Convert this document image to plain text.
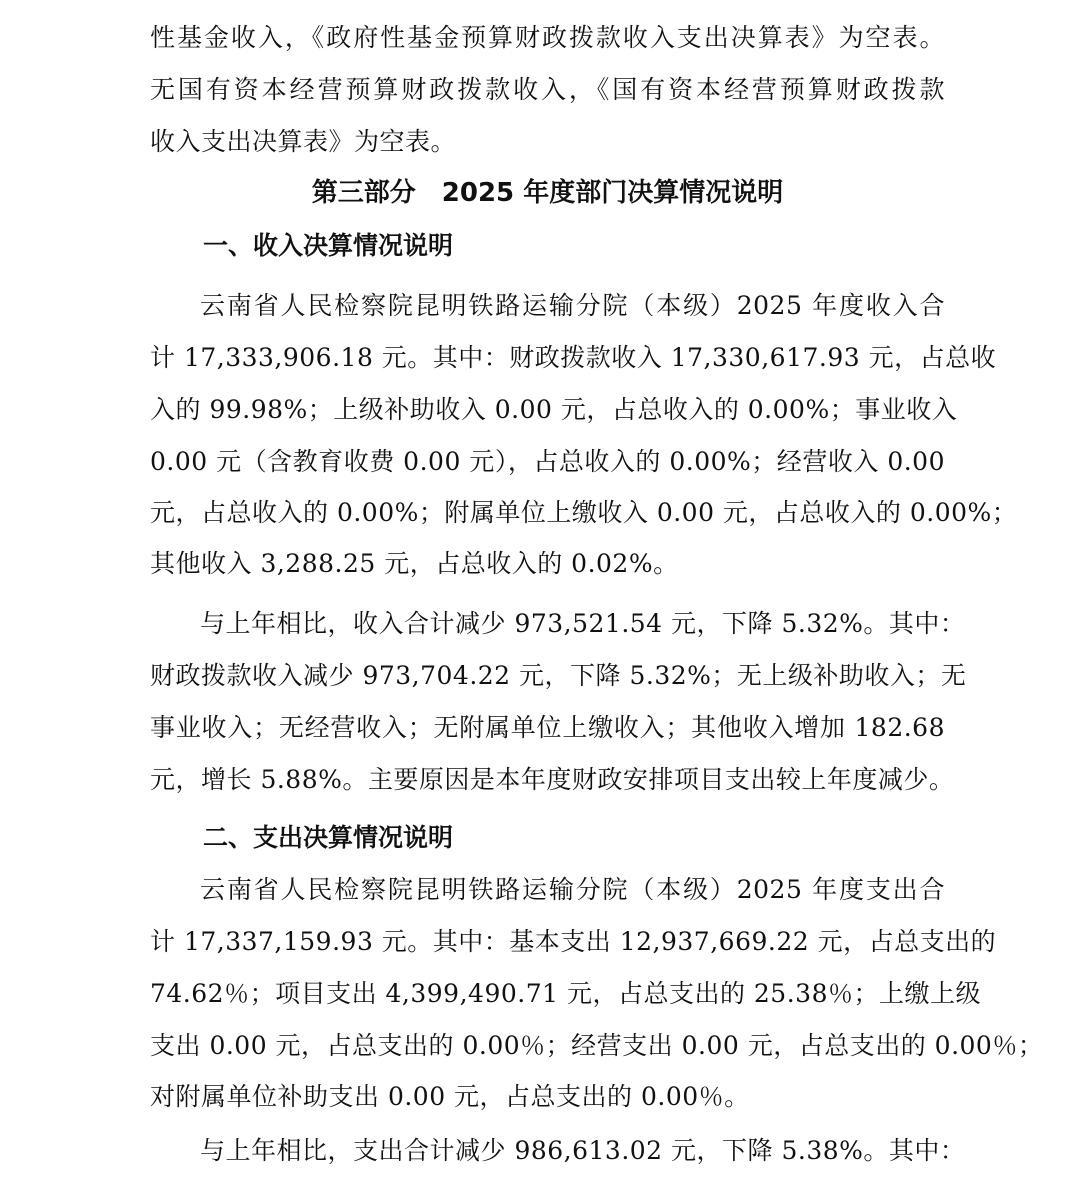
性基金收入，《政府性基金预算财政拨款收入支出决算表》为空表。
无国有资本经营预算财政拨款收入，《国有资本经营预算财政拨款
收入支出决算表》为空表。
第三部分　2025 年度部门决算情况说明
一、收入决算情况说明
云南省人民检察院昆明铁路运输分院（本级）2025 年度收入合
计 17,333,906.18 元。其中：财政拨款收入 17,330,617.93 元，占总收
入的 99.98%；上级补助收入 0.00 元，占总收入的 0.00%；事业收入
0.00 元（含教育收费 0.00 元），占总收入的 0.00%；经营收入 0.00
元，占总收入的 0.00%；附属单位上缴收入 0.00 元，占总收入的 0.00%；
其他收入 3,288.25 元，占总收入的 0.02%。
与上年相比，收入合计减少 973,521.54 元，下降 5.32%。其中：
财政拨款收入减少 973,704.22 元，下降 5.32%；无上级补助收入；无
事业收入；无经营收入；无附属单位上缴收入；其他收入增加 182.68
元，增长 5.88%。主要原因是本年度财政安排项目支出较上年度减少。
二、支出决算情况说明
云南省人民检察院昆明铁路运输分院（本级）2025 年度支出合
计 17,337,159.93 元。其中：基本支出 12,937,669.22 元，占总支出的
74.62％；项目支出 4,399,490.71 元，占总支出的 25.38％；上缴上级
支出 0.00 元，占总支出的 0.00％；经营支出 0.00 元，占总支出的 0.00％；
对附属单位补助支出 0.00 元，占总支出的 0.00％。
与上年相比，支出合计减少 986,613.02 元，下降 5.38%。其中：
